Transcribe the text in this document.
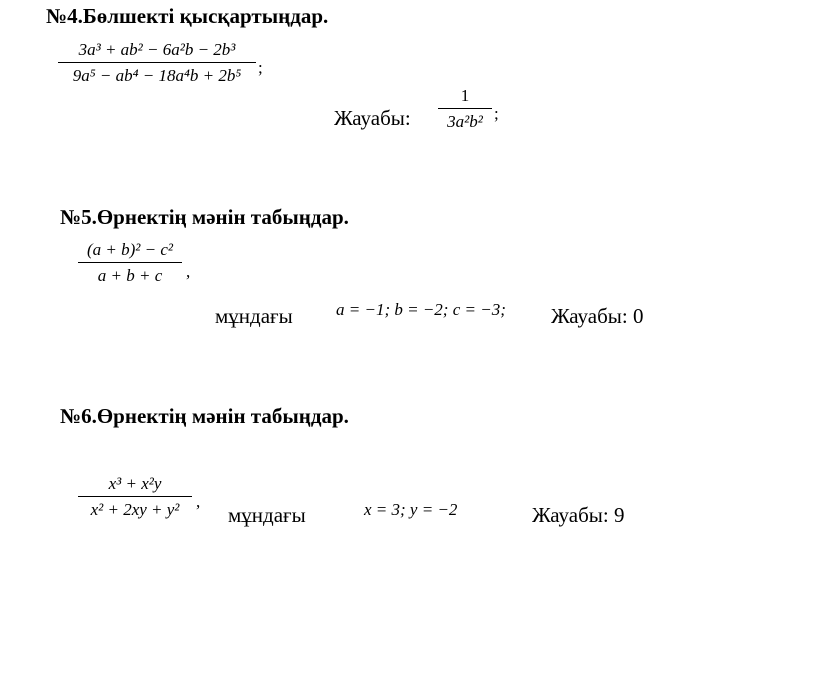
№4.Бөлшекті қысқартыңдар.
3a³ + ab² − 6a²b − 2b³
9a⁵ − ab⁴ − 18a⁴b + 2b⁵ ;
Жауабы:
1
3a²b² ;
№5.Өрнектің мәнін табыңдар.
(a + b)² − c²
a + b + c	,
мұндағы	a = −1; b = −2; c = −3; Жауабы: 0
№6.Өрнектің мәнін табыңдар.
x³ + x²y
x² + 2xy + y² ,
мұндағы	x = 3; y = −2	Жауабы: 9
